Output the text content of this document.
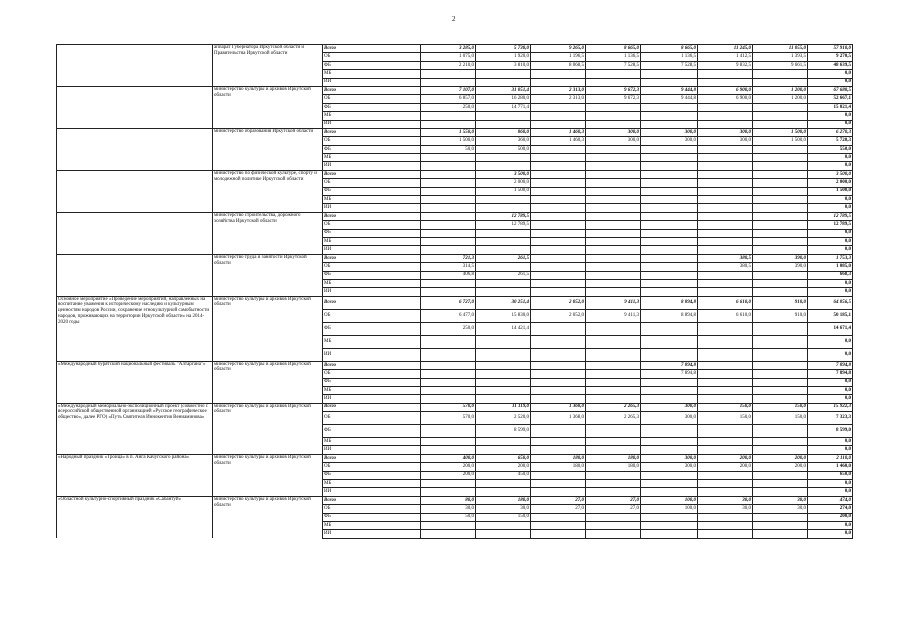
2
	аппарат Губернатора Иркутской области и Правительства Иркутской области	Всего	3 285,0	5 730,0	9 265,0	8 665,0	8 665,0	11 245,0	11 055,0	57 910,0
		ОБ	1 075,0	1 920,0	1 196,5	1 136,5	1 136,5	1 412,5	1 393,5	9 270,5
		ФБ	2 210,0	3 810,0	8 068,5	7 528,5	7 528,5	9 832,5	9 661,5	48 639,5
		МБ								0,0
		ИИ								0,0
	министерство культуры и архивов Иркутской области	Всего	7 107,0	31 051,4	2 313,0	9 672,3	9 444,8	6 900,0	1 200,0	67 688,5
		ОБ	6 857,0	16 280,0	2 313,0	9 672,3	9 444,8	6 900,0	1 200,0	52 667,1
		ФБ	250,0	14 771,4						15 021,4
		МБ								0,0
		ИИ								0,0
	министерство образования Иркутской области	Всего	1 550,0	860,0	1 460,3	300,0	300,0	300,0	1 500,0	6 270,3
		ОБ	1 500,0	360,0	1 460,3	300,0	300,0	300,0	1 500,0	5 720,3
		ФБ	50,0	500,0						550,0
		МБ								0,0
		ИИ								0,0
	министерство по физической культуре, спорту и молодежной политике Иркутской области	Всего		3 500,0						3 500,0
		ОБ		2 000,0						2 000,0
		ФБ		1 500,0						1 500,0
		МБ								0,0
		ИИ								0,0
	министерство строительства, дорожного хозяйства Иркутской области	Всего		12 789,5						12 789,5
		ОБ		12 789,5						12 789,5
		ФБ								0,0
		МБ								0,0
		ИИ								0,0
	министерство труда и занятости Иркутской области	Всего	721,3	261,5				380,5	390,0	1 753,3
		ОБ	314,5					380,5	390,0	1 085,0
		ФБ	406,8	261,5						668,3
		МБ								0,0
		ИИ								0,0
Основное мероприятие «Проведение мероприятий, направленных на воспитание уважения к историческому наследию и культурным ценностям народов России, сохранение этнокультурной самобытности народов, проживающих на территории Иркутской области» на 2014-2020 годы	министерство культуры и архивов Иркутской области	Всего	6 727,0	30 251,4	2 052,0	9 411,3	8 894,8	6 610,0	910,0	64 856,5
		ОБ	6 477,0	15 830,0	2 052,0	9 411,3	8 894,8	6 610,0	910,0	50 185,1
		ФБ	250,0	14 421,4						14 671,4
		МБ								0,0
		ИИ								0,0
«Международный бурятский национальный фестиваль "Алтаргана"»	министерство культуры и архивов Иркутской области	Всего					7 894,8			7 894,8
		ОБ					7 894,8			7 894,8
		ФБ								0,0
		МБ								0,0
		ИИ								0,0
«Международный мемориально-экспозиционный проект (совместно с всероссийской общественной организацией «Русское географическое общество», далее РГО) «Путь Святителя Иннокентия Вениаминова»	министерство культуры и архивов Иркутской области	Всего	570,0	11 119,0	1 368,0	2 265,3	300,0	150,0	150,0	15 922,3
		ОБ	570,0	2 520,0	1 368,0	2 265,3	300,0	150,0	150,0	7 323,3
		ФБ		8 599,0						8 599,0
		МБ								0,0
		ИИ								0,0
«Народный праздник «Троица» в п. Анга Качугского района»	министерство культуры и архивов Иркутской области	Всего	400,0	650,0	180,0	180,0	300,0	200,0	200,0	2 110,0
		ОБ	200,0	200,0	180,0	180,0	300,0	200,0	200,0	1 460,0
		ФБ	200,0	450,0						650,0
		МБ								0,0
		ИИ								0,0
«Областной культурно-спортивный праздник «Сабантуй»	министерство культуры и архивов Иркутской области	Всего	80,0	180,0	27,0	27,0	100,0	30,0	30,0	474,0
		ОБ	30,0	30,0	27,0	27,0	100,0	30,0	30,0	274,0
		ФБ	50,0	150,0						200,0
		МБ								0,0
		ИИ								0,0
